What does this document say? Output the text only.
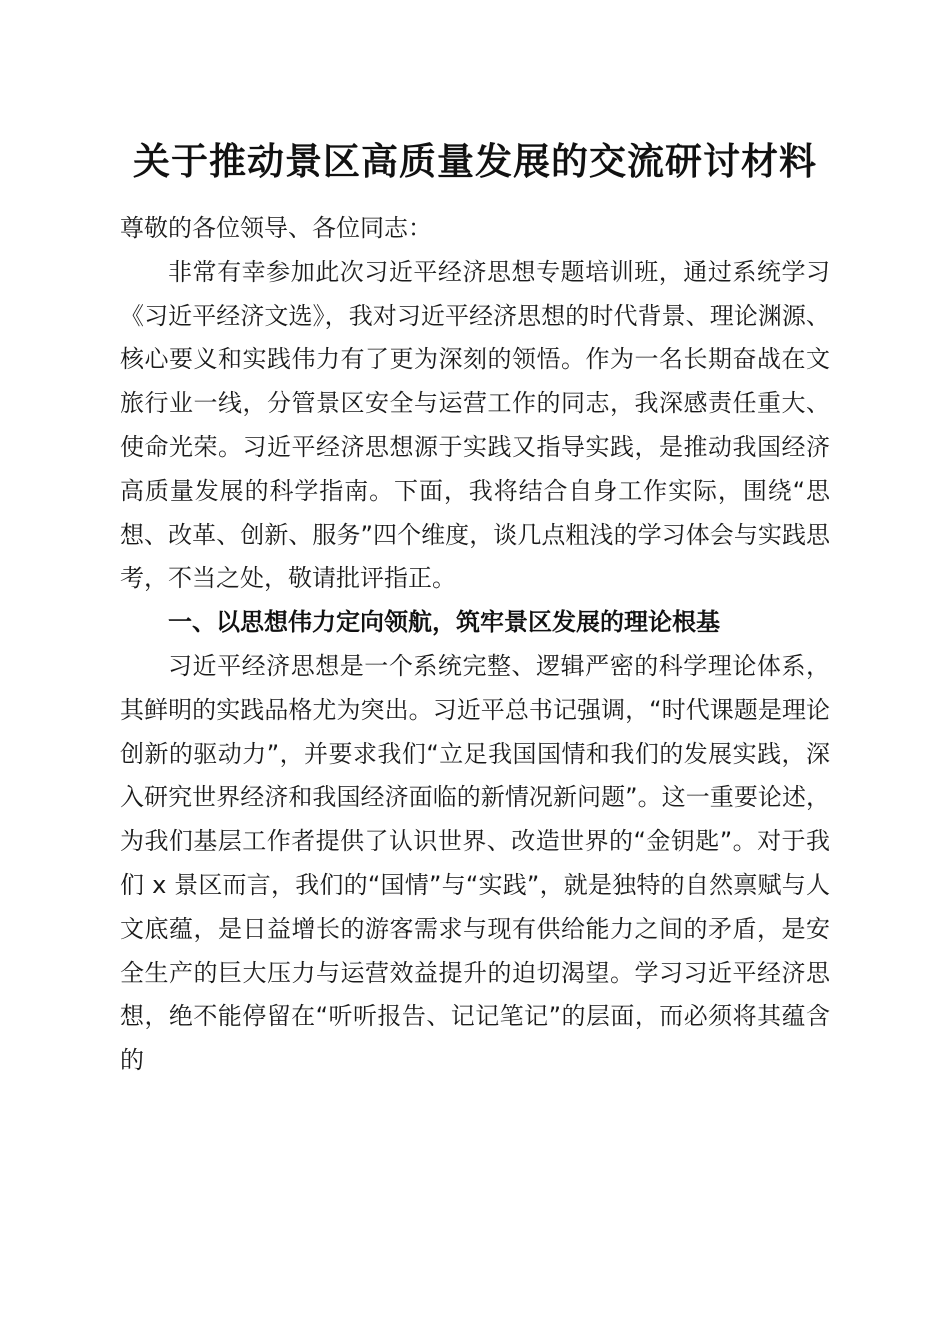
关于推动景区高质量发展的交流研讨材料

尊敬的各位领导、各位同志：

非常有幸参加此次习近平经济思想专题培训班，通过系统学习《习近平经济文选》，我对习近平经济思想的时代背景、理论渊源、核心要义和实践伟力有了更为深刻的领悟。作为一名长期奋战在文旅行业一线，分管景区安全与运营工作的同志，我深感责任重大、使命光荣。习近平经济思想源于实践又指导实践，是推动我国经济高质量发展的科学指南。下面，我将结合自身工作实际，围绕“思想、改革、创新、服务”四个维度，谈几点粗浅的学习体会与实践思考，不当之处，敬请批评指正。

一、以思想伟力定向领航，筑牢景区发展的理论根基

习近平经济思想是一个系统完整、逻辑严密的科学理论体系，其鲜明的实践品格尤为突出。习近平总书记强调，“时代课题是理论创新的驱动力”，并要求我们“立足我国国情和我们的发展实践，深入研究世界经济和我国经济面临的新情况新问题”。这一重要论述，为我们基层工作者提供了认识世界、改造世界的“金钥匙”。对于我们 x 景区而言，我们的“国情”与“实践”，就是独特的自然禀赋与人文底蕴，是日益增长的游客需求与现有供给能力之间的矛盾，是安全生产的巨大压力与运营效益提升的迫切渴望。学习习近平经济思想，绝不能停留在“听听报告、记记笔记”的层面，而必须将其蕴含的
